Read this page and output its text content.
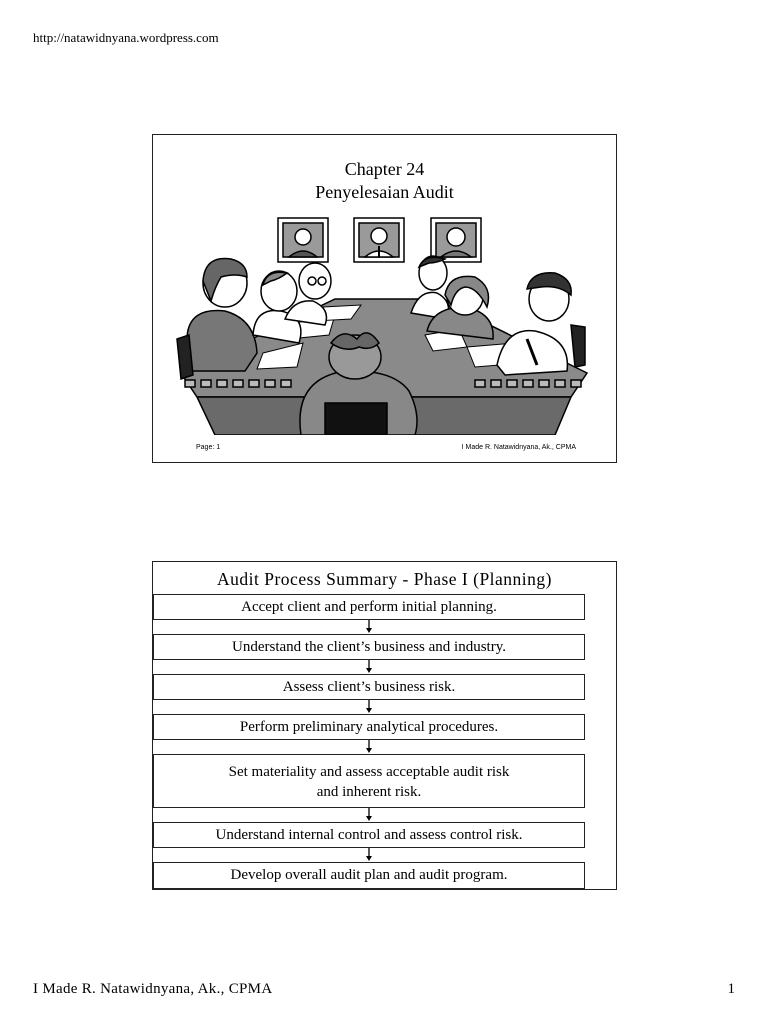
http://natawidnyana.wordpress.com
Chapter 24
Penyelesaian Audit
Page: 1	I Made R. Natawidnyana, Ak., CPMA
Audit Process Summary - Phase I (Planning)
Accept client and perform initial planning.
Understand the client’s business and industry.
Assess client’s business risk.
Perform preliminary analytical procedures.
Set materiality and assess acceptable audit risk
and inherent risk.
Understand internal control and assess control risk.
Develop overall audit plan and audit program.
I Made R. Natawidnyana, Ak., CPMA	1
